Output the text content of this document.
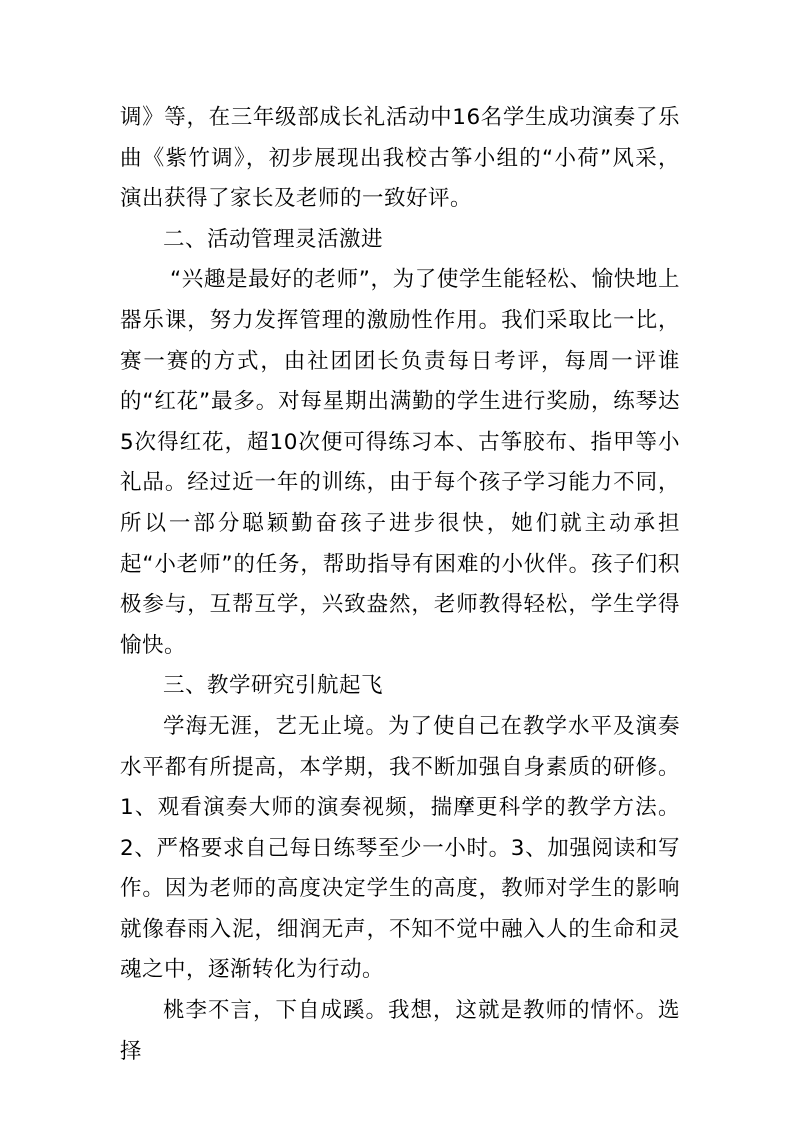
调》等，在三年级部成长礼活动中16名学生成功演奏了乐曲《紫竹调》，初步展现出我校古筝小组的“小荷”风采，演出获得了家长及老师的一致好评。

二、活动管理灵活激进

“兴趣是最好的老师”，为了使学生能轻松、愉快地上器乐课，努力发挥管理的激励性作用。我们采取比一比，赛一赛的方式，由社团团长负责每日考评，每周一评谁的“红花”最多。对每星期出满勤的学生进行奖励，练琴达5次得红花，超10次便可得练习本、古筝胶布、指甲等小礼品。经过近一年的训练，由于每个孩子学习能力不同，所以一部分聪颖勤奋孩子进步很快，她们就主动承担起“小老师”的任务，帮助指导有困难的小伙伴。孩子们积极参与，互帮互学，兴致盎然，老师教得轻松，学生学得愉快。

三、教学研究引航起飞

学海无涯，艺无止境。为了使自己在教学水平及演奏水平都有所提高，本学期，我不断加强自身素质的研修。1、观看演奏大师的演奏视频，揣摩更科学的教学方法。2、严格要求自己每日练琴至少一小时。3、加强阅读和写作。因为老师的高度决定学生的高度，教师对学生的影响就像春雨入泥，细润无声，不知不觉中融入人的生命和灵魂之中，逐渐转化为行动。

桃李不言，下自成蹊。我想，这就是教师的情怀。选择
